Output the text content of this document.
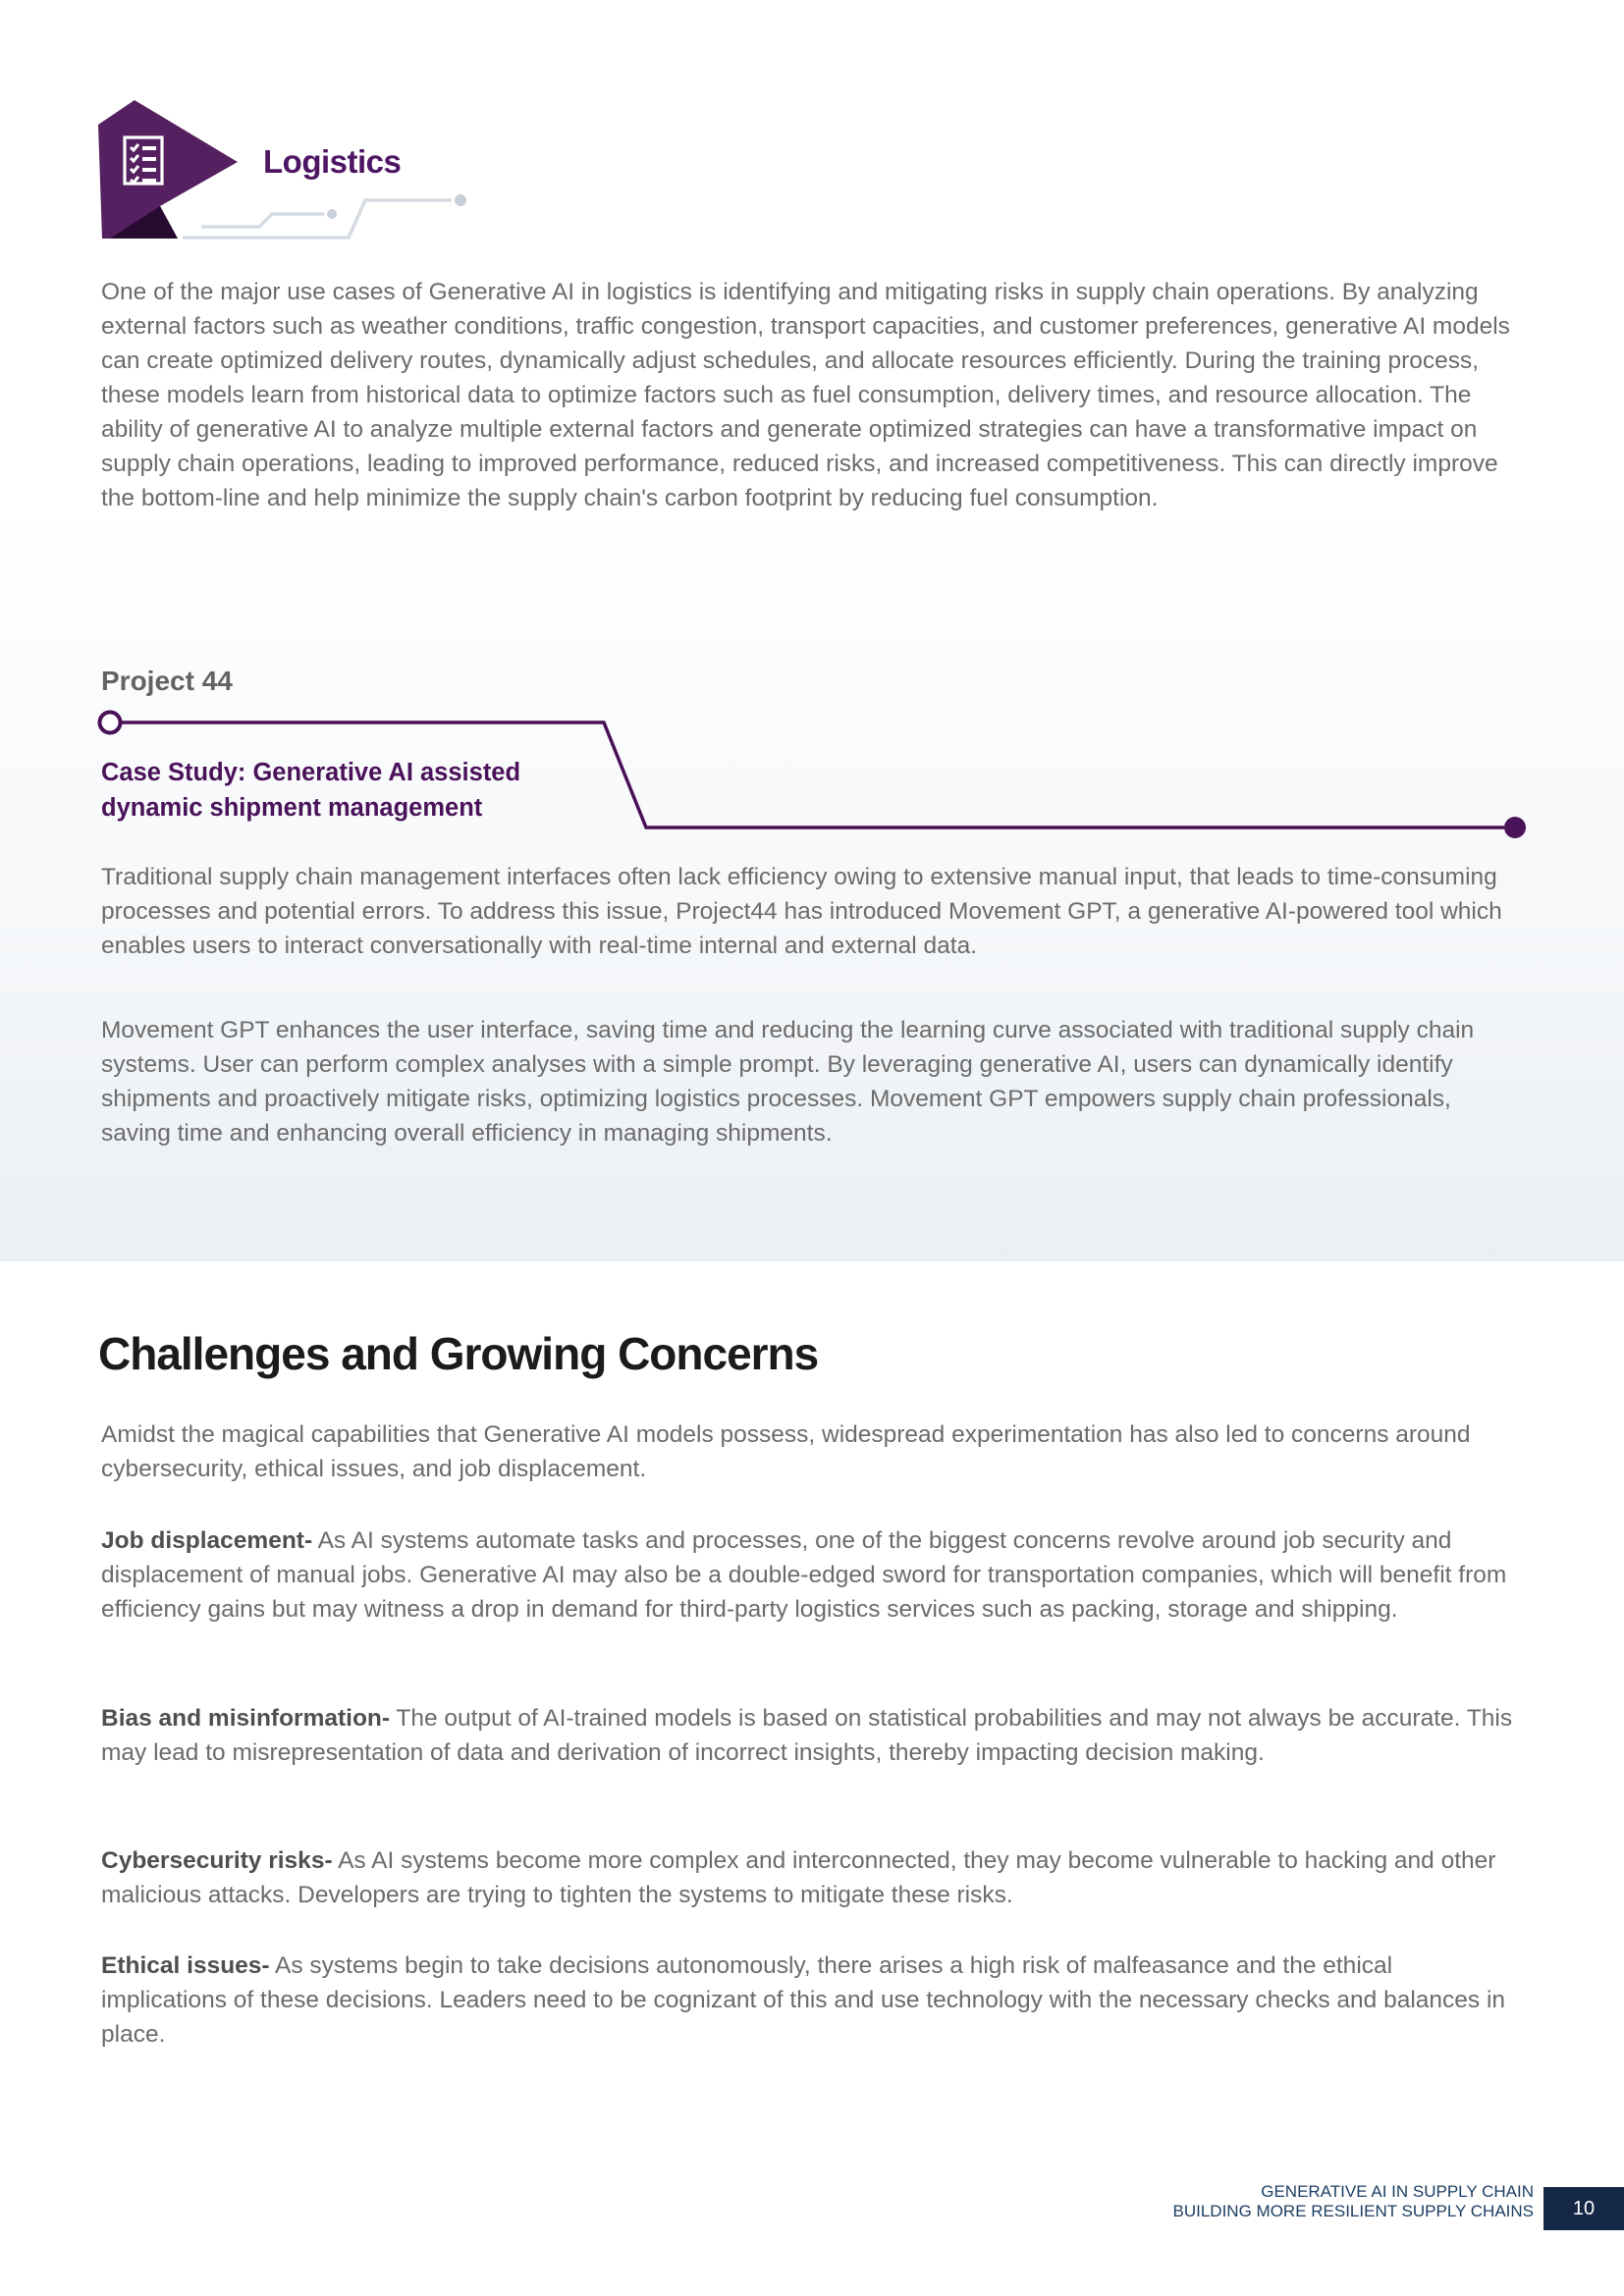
Logistics

One of the major use cases of Generative AI in logistics is identifying and mitigating risks in supply chain operations. By analyzing external factors such as weather conditions, traffic congestion, transport capacities, and customer preferences, generative AI models can create optimized delivery routes, dynamically adjust schedules, and allocate resources efficiently. During the training process, these models learn from historical data to optimize factors such as fuel consumption, delivery times, and resource allocation. The ability of generative AI to analyze multiple external factors and generate optimized strategies can have a transformative impact on supply chain operations, leading to improved performance, reduced risks, and increased competitiveness. This can directly improve the bottom-line and help minimize the supply chain's carbon footprint by reducing fuel consumption.

Project 44
Case Study: Generative AI assisted
dynamic shipment management

Traditional supply chain management interfaces often lack efficiency owing to extensive manual input, that leads to time-consuming processes and potential errors. To address this issue, Project44 has introduced Movement GPT, a generative AI-powered tool which enables users to interact conversationally with real-time internal and external data.

Movement GPT enhances the user interface, saving time and reducing the learning curve associated with traditional supply chain systems. User can perform complex analyses with a simple prompt. By leveraging generative AI, users can dynamically identify shipments and proactively mitigate risks, optimizing logistics processes. Movement GPT empowers supply chain professionals, saving time and enhancing overall efficiency in managing shipments.

Challenges and Growing Concerns

Amidst the magical capabilities that Generative AI models possess, widespread experimentation has also led to concerns around cybersecurity, ethical issues, and job displacement.

Job displacement- As AI systems automate tasks and processes, one of the biggest concerns revolve around job security and displacement of manual jobs. Generative AI may also be a double-edged sword for transportation companies, which will benefit from efficiency gains but may witness a drop in demand for third-party logistics services such as packing, storage and shipping.

Bias and misinformation- The output of AI-trained models is based on statistical probabilities and may not always be accurate. This may lead to misrepresentation of data and derivation of incorrect insights, thereby impacting decision making.

Cybersecurity risks- As AI systems become more complex and interconnected, they may become vulnerable to hacking and other malicious attacks. Developers are trying to tighten the systems to mitigate these risks.

Ethical issues- As systems begin to take decisions autonomously, there arises a high risk of malfeasance and the ethical implications of these decisions. Leaders need to be cognizant of this and use technology with the necessary checks and balances in place.

GENERATIVE AI IN SUPPLY CHAIN
BUILDING MORE RESILIENT SUPPLY CHAINS 10
